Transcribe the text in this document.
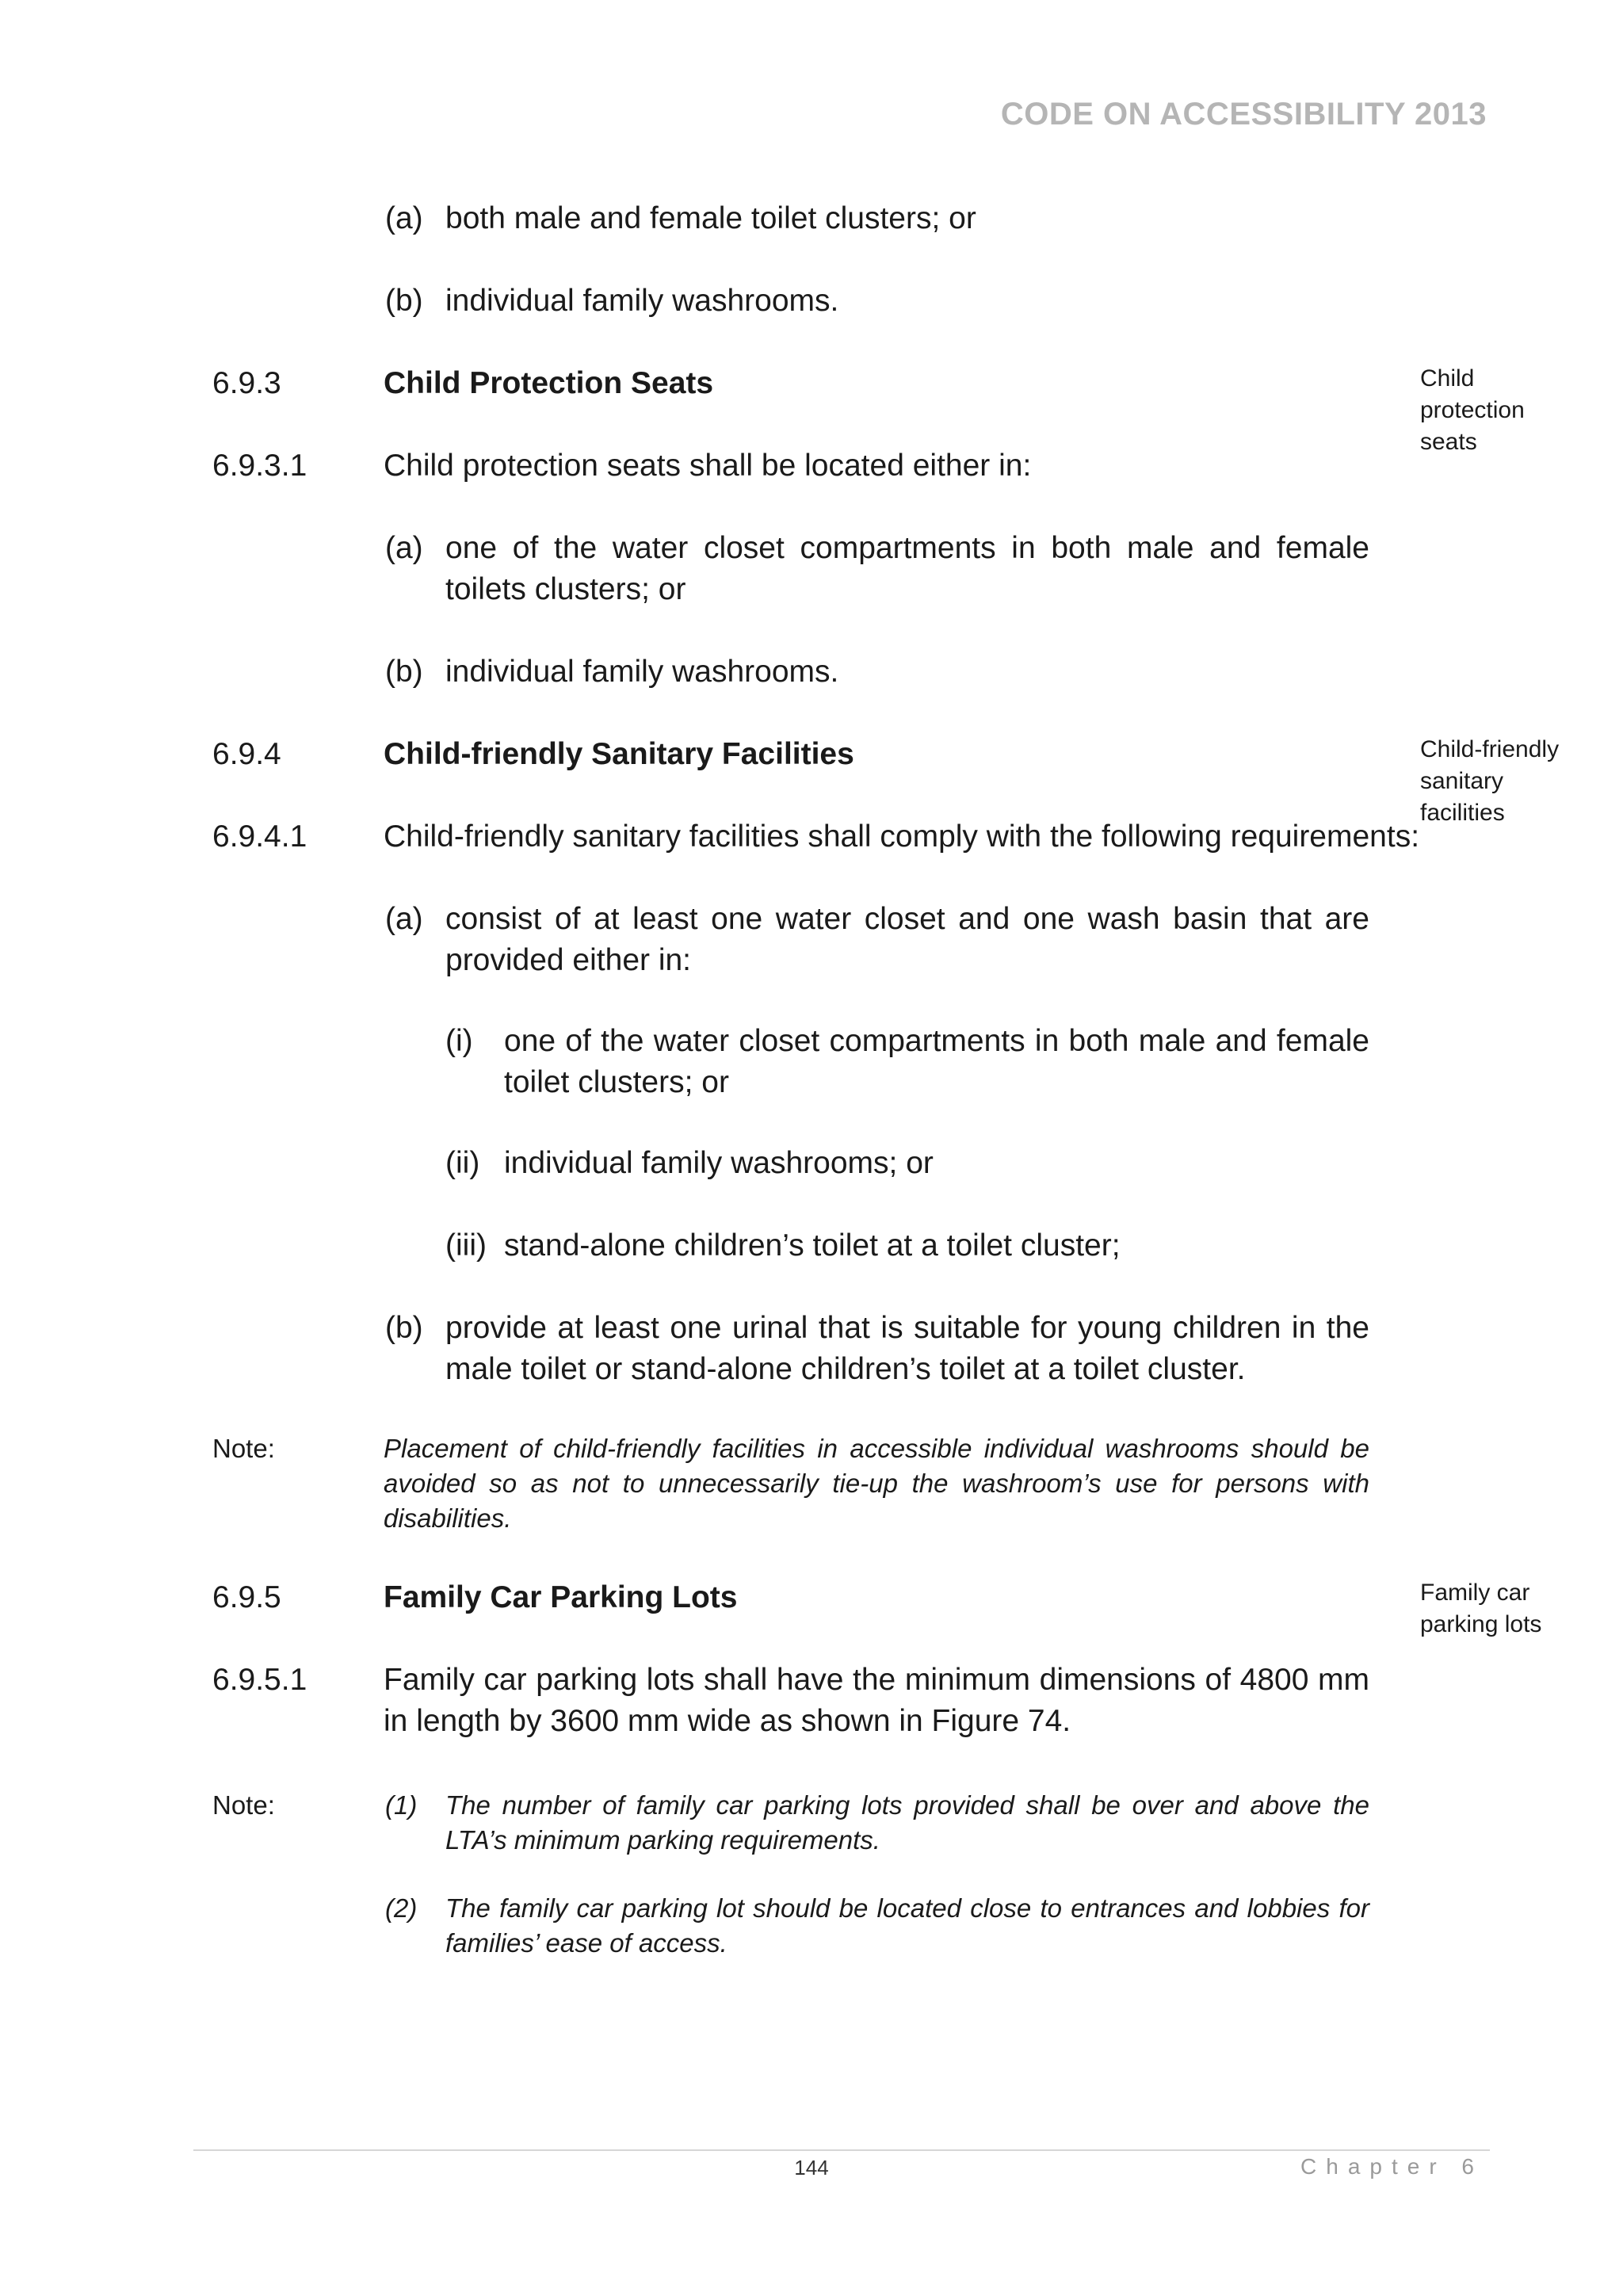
CODE ON ACCESSIBILITY 2013
(a) both male and female toilet clusters; or
(b) individual family washrooms.
6.9.3	Child Protection Seats	Child
protection
seats
6.9.3.1 Child protection seats shall be located either in:
(a) one of the water closet compartments in both male and female toilets clusters; or
(b) individual family washrooms.
6.9.4	Child-friendly Sanitary Facilities	Child-friendly
sanitary
facilities
6.9.4.1 Child-friendly sanitary facilities shall comply with the following requirements:
(a) consist of at least one water closet and one wash basin that are provided either in:
(i) one of the water closet compartments in both male and female toilet clusters; or
(ii) individual family washrooms; or
(iii) stand-alone children’s toilet at a toilet cluster;
(b) provide at least one urinal that is suitable for young children in the male toilet or stand-alone children’s toilet at a toilet cluster.
Note:	Placement of child-friendly facilities in accessible individual washrooms should be avoided so as not to unnecessarily tie-up the washroom’s use for persons with disabilities.
6.9.5	Family Car Parking Lots	Family car
parking lots
6.9.5.1 Family car parking lots shall have the minimum dimensions of 4800 mm in length by 3600 mm wide as shown in Figure 74.
Note:	(1) The number of family car parking lots provided shall be over and above the LTA’s minimum parking requirements.
(2) The family car parking lot should be located close to entrances and lobbies for families’ ease of access.
144	Chapter 6
